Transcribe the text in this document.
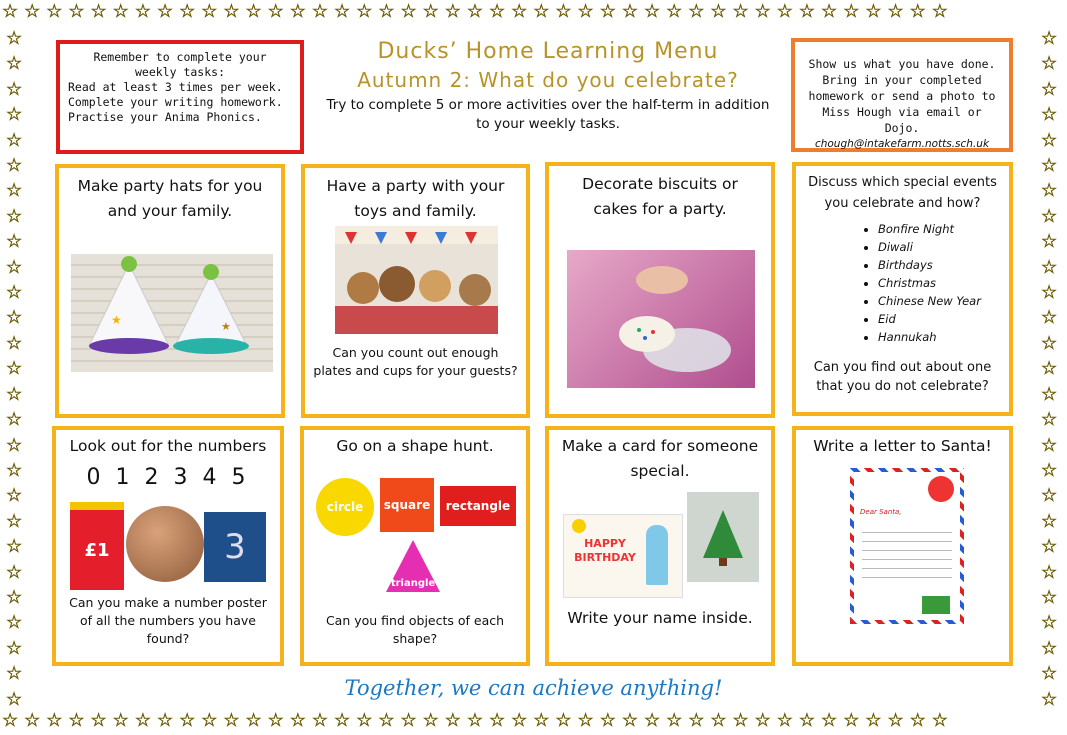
☆☆☆☆☆☆☆☆☆☆☆☆☆☆☆☆☆☆☆☆☆☆☆☆☆☆☆☆☆☆☆☆☆☆☆☆☆☆☆☆☆☆☆
☆☆☆☆☆☆☆☆☆☆☆☆☆☆☆☆☆☆☆☆☆☆☆☆☆☆☆☆☆☆☆☆☆☆☆☆☆☆☆☆☆☆☆
☆☆☆☆☆☆☆☆☆☆☆☆☆☆☆☆☆☆☆☆☆☆☆☆☆☆☆
☆☆☆☆☆☆☆☆☆☆☆☆☆☆☆☆☆☆☆☆☆☆☆☆☆☆☆
Remember to complete your weekly tasks:
Read at least 3 times per week.
Complete your writing homework.
Practise your Anima Phonics.
Ducks’ Home Learning Menu
Autumn 2: What do you celebrate?
Try to complete 5 or more activities over the half-term in addition to your weekly tasks.
Show us what you have done. Bring in your completed homework or send a photo to Miss Hough via email or Dojo.
chough@intakefarm.notts.sch.uk
Make party hats for you and your family.
★	★
Have a party with your toys and family.
Can you count out enough plates and cups for your guests?
Decorate biscuits or cakes for a party.
Discuss which special events you celebrate and how?
• Bonfire Night
• Diwali
• Birthdays
• Christmas
• Chinese New Year
• Eid
• Hannukah
Can you find out about one that you do not celebrate?
Look out for the numbers
0 1 2 3 4 5
£1	3
Can you make a number poster of all the numbers you have found?
Go on a shape hunt.
circle square rectangle
triangle
Can you find objects of each shape?
Make a card for someone special.
HAPPY BIRTHDAY
Write your name inside.
Write a letter to Santa!
Dear Santa,
Together, we can achieve anything!
